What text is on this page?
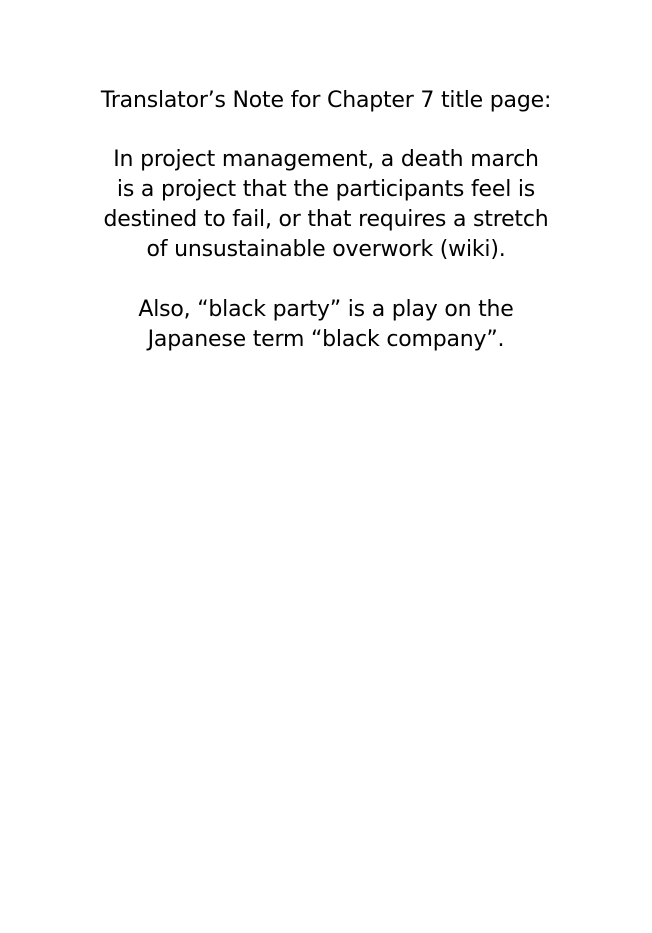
Translator’s Note for Chapter 7 title page:
In project management, a death march
is a project that the participants feel is
destined to fail, or that requires a stretch
of unsustainable overwork (wiki).
Also, “black party” is a play on the
Japanese term “black company”.
